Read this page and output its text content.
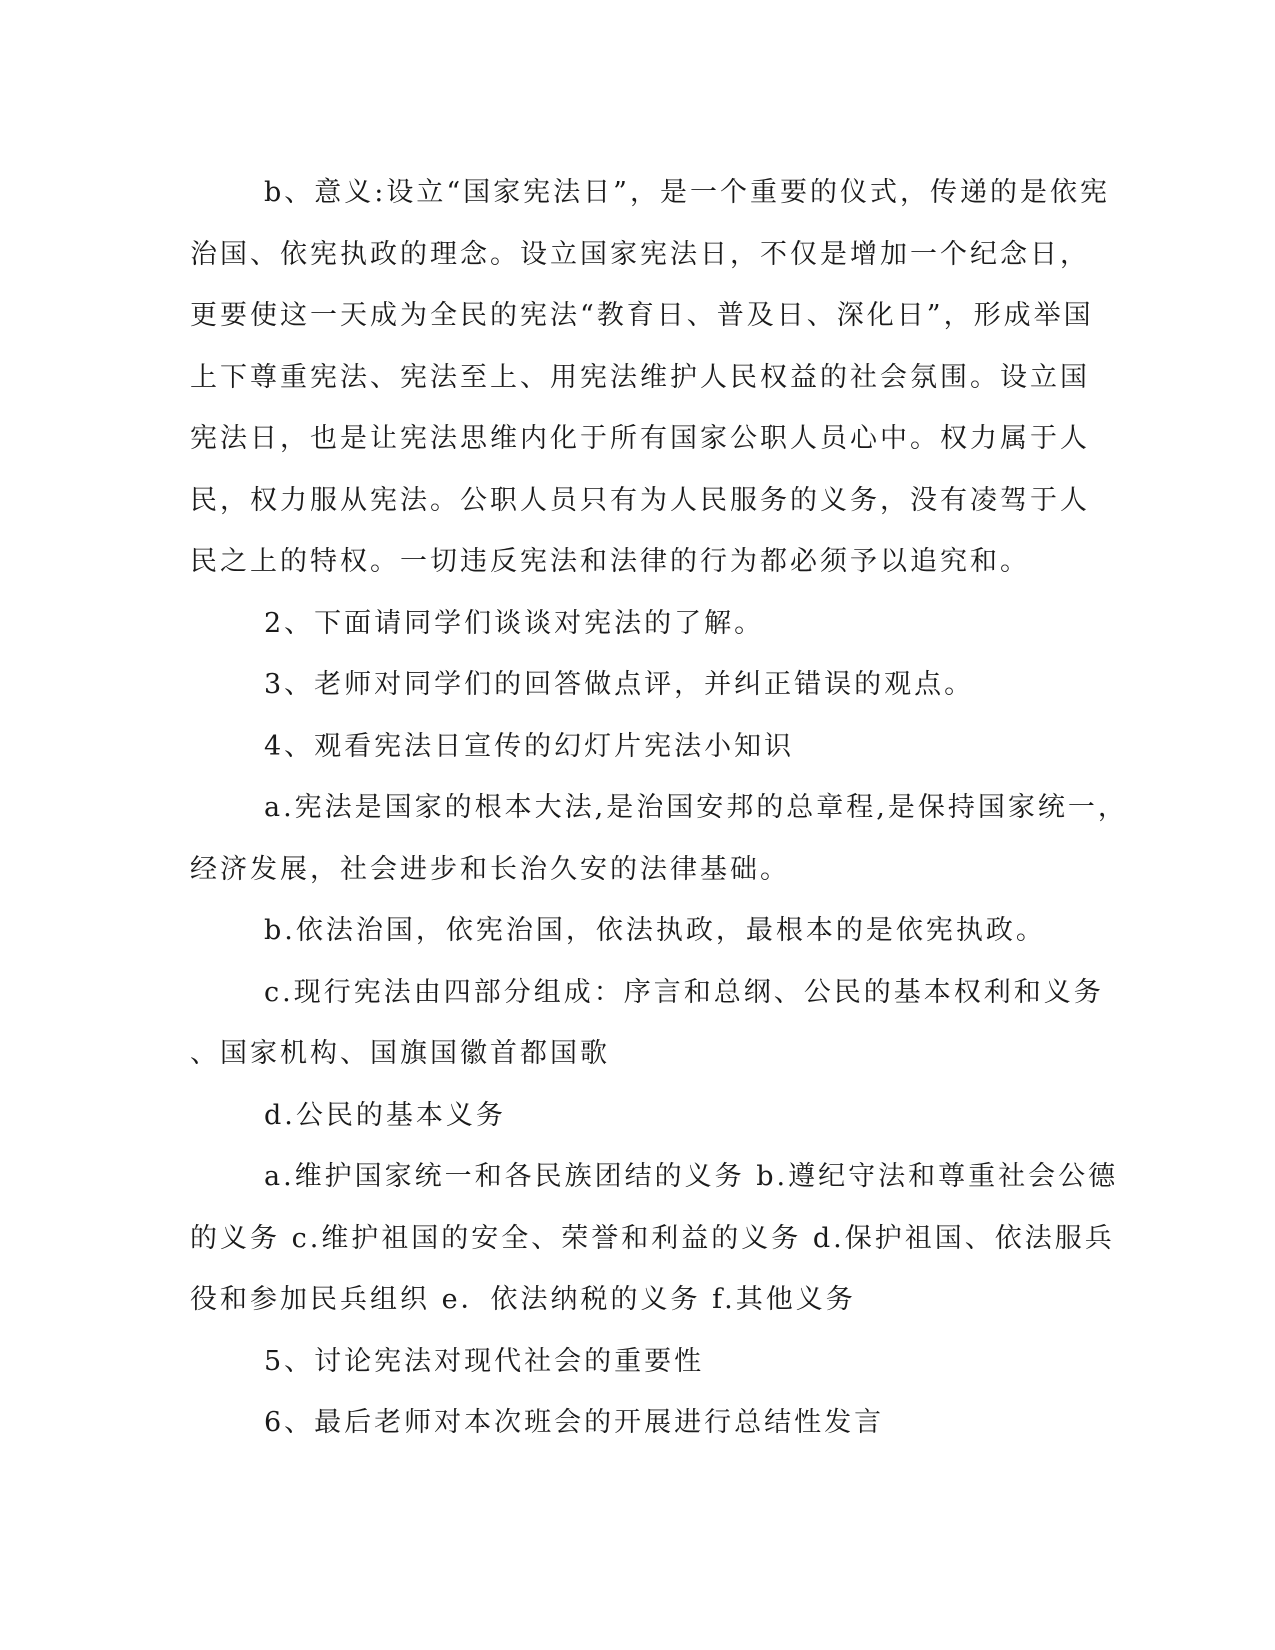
b、意义:设立“国家宪法日”，是一个重要的仪式，传递的是依宪
治国、依宪执政的理念。设立国家宪法日，不仅是增加一个纪念日，
更要使这一天成为全民的宪法“教育日、普及日、深化日”，形成举国
上下尊重宪法、宪法至上、用宪法维护人民权益的社会氛围。设立国
宪法日，也是让宪法思维内化于所有国家公职人员心中。权力属于人
民，权力服从宪法。公职人员只有为人民服务的义务，没有凌驾于人
民之上的特权。一切违反宪法和法律的行为都必须予以追究和。
2、下面请同学们谈谈对宪法的了解。
3、老师对同学们的回答做点评，并纠正错误的观点。
4、观看宪法日宣传的幻灯片宪法小知识
a.宪法是国家的根本大法,是治国安邦的总章程,是保持国家统一，
经济发展，社会进步和长治久安的法律基础。
b.依法治国，依宪治国，依法执政，最根本的是依宪执政。
c.现行宪法由四部分组成：序言和总纲、公民的基本权利和义务
、国家机构、国旗国徽首都国歌
d.公民的基本义务
a.维护国家统一和各民族团结的义务 b.遵纪守法和尊重社会公德
的义务 c.维护祖国的安全、荣誉和利益的义务 d.保护祖国、依法服兵
役和参加民兵组织 e．依法纳税的义务 f.其他义务
5、讨论宪法对现代社会的重要性
6、最后老师对本次班会的开展进行总结性发言
